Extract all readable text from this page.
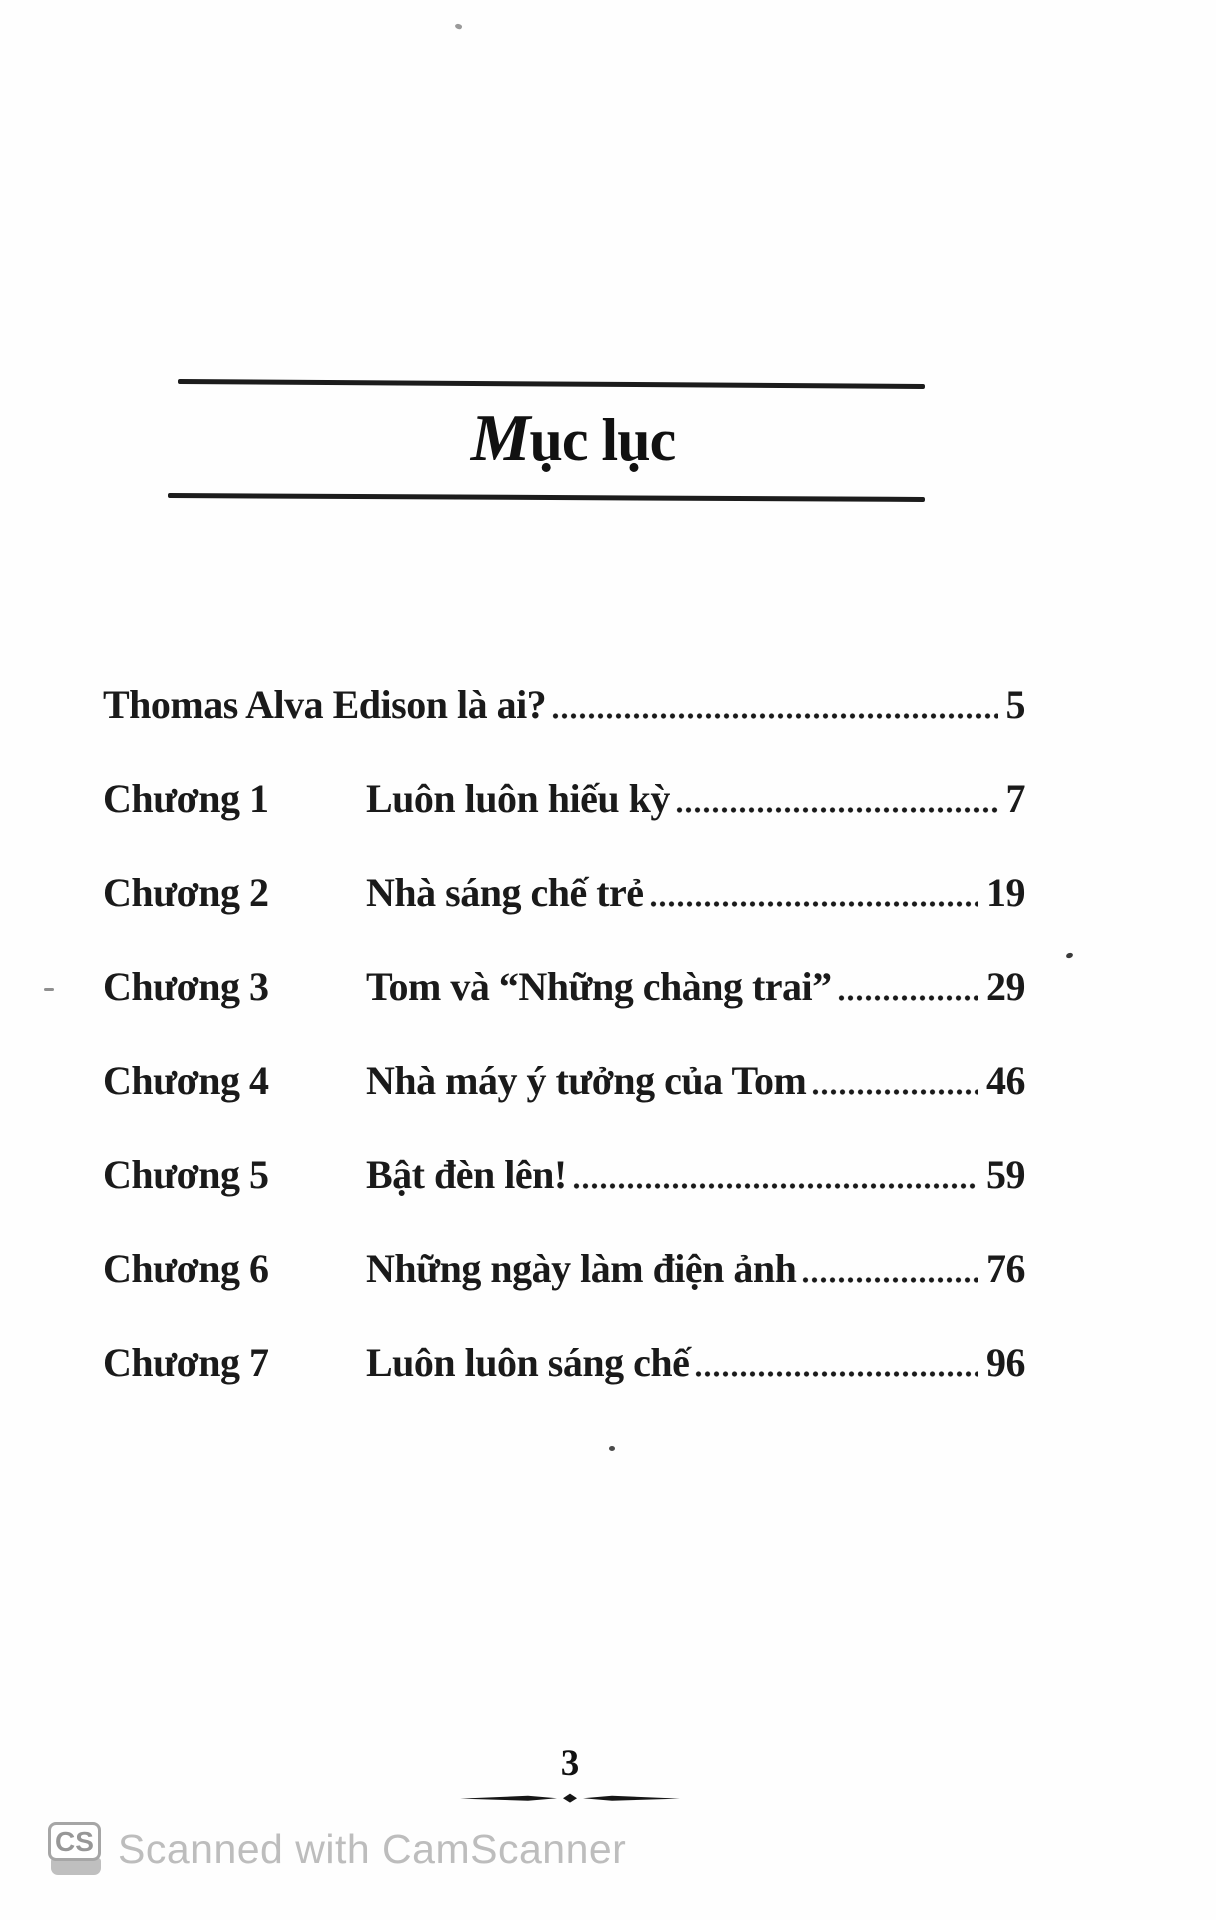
Mục lục
Thomas Alva Edison là ai?	5
Chương 1	Luôn luôn hiếu kỳ	7
Chương 2	Nhà sáng chế trẻ	19
Chương 3	Tom và “Những chàng trai”	29
Chương 4	Nhà máy ý tưởng của Tom	46
Chương 5	Bật đèn lên!	59
Chương 6	Những ngày làm điện ảnh	76
Chương 7	Luôn luôn sáng chế	96
3
CS Scanned with CamScanner
